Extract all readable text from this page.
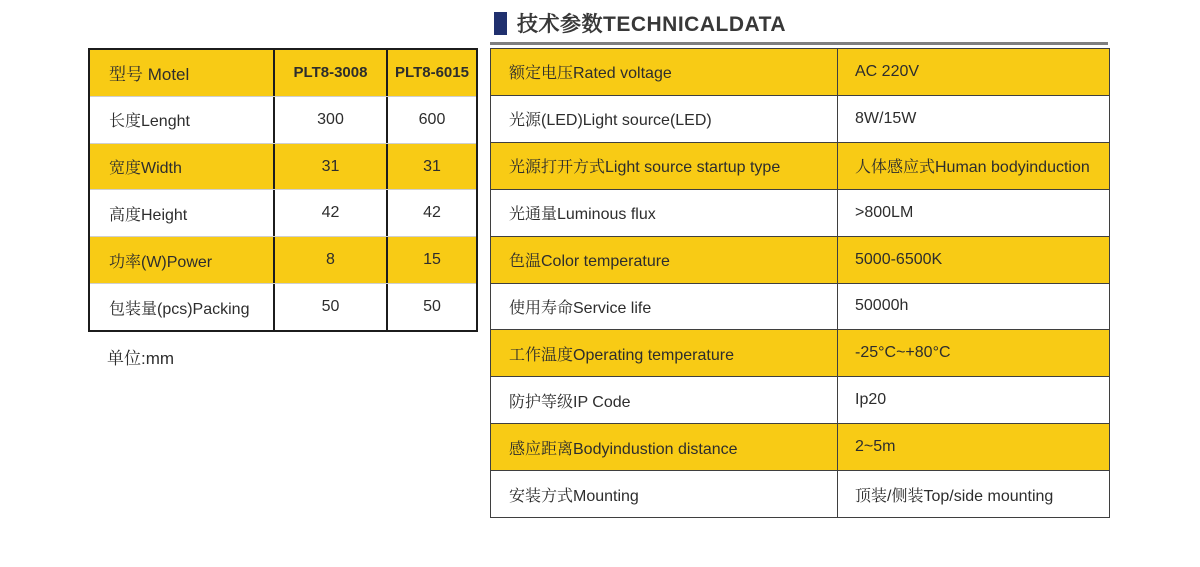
技术参数TECHNICALDATA
型号 Motel	PLT8-3008	PLT8-6015
长度Lenght	300	600
宽度Width	31	31
高度Height	42	42
功率(W)Power	8	15
包装量(pcs)Packing	50	50
单位:mm
额定电压Rated voltage	AC 220V
光源(LED)Light source(LED)	8W/15W
光源打开方式Light source startup type	人体感应式Human bodyinduction
光通量Luminous flux	>800LM
色温Color temperature	5000-6500K
使用寿命Service life	50000h
工作温度Operating temperature	-25°C~+80°C
防护等级IP Code	Ip20
感应距离Bodyindustion distance	2~5m
安装方式Mounting	顶装/侧装Top/side mounting
